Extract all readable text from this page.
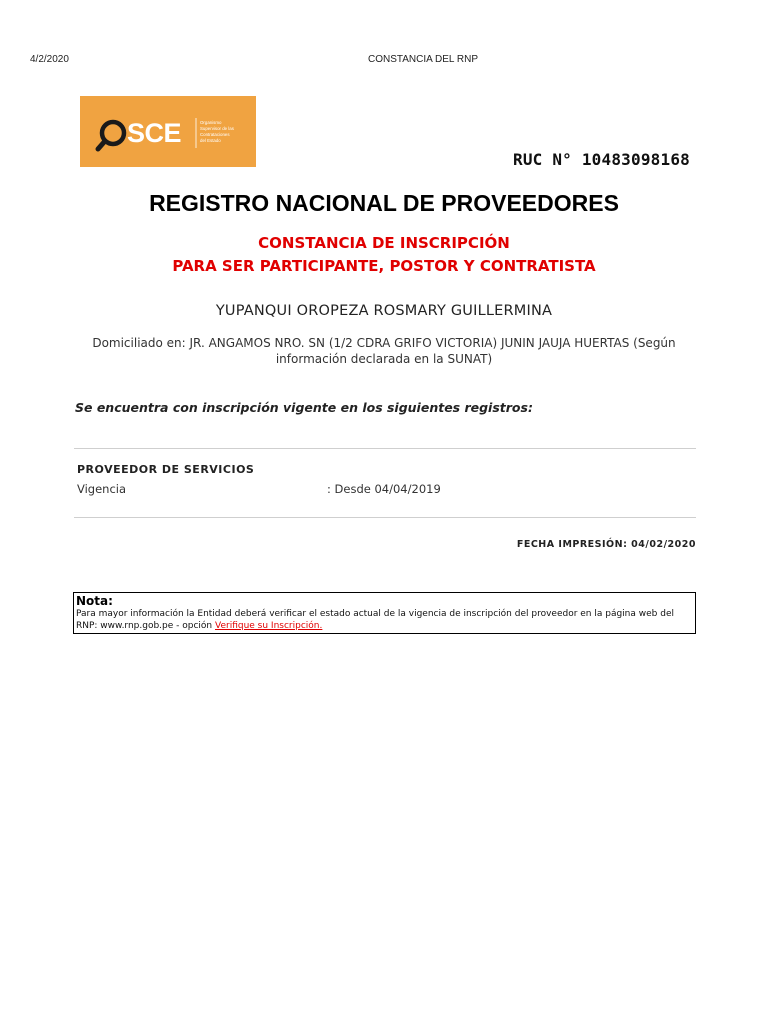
4/2/2020	CONSTANCIA DEL RNP
SCE	Organismo
Supervisor de las
Contrataciones
del Estado
RUC N° 10483098168
REGISTRO NACIONAL DE PROVEEDORES
CONSTANCIA DE INSCRIPCIÓN
PARA SER PARTICIPANTE, POSTOR Y CONTRATISTA
YUPANQUI OROPEZA ROSMARY GUILLERMINA
Domiciliado en: JR. ANGAMOS NRO. SN (1/2 CDRA GRIFO VICTORIA) JUNIN JAUJA HUERTAS (Según
información declarada en la SUNAT)
Se encuentra con inscripción vigente en los siguientes registros:
PROVEEDOR DE SERVICIOS
Vigencia	: Desde 04/04/2019
FECHA IMPRESIÓN: 04/02/2020
Nota:
Para mayor información la Entidad deberá verificar el estado actual de la vigencia de inscripción del proveedor en la página web del
RNP: www.rnp.gob.pe - opción Verifique su Inscripción.
